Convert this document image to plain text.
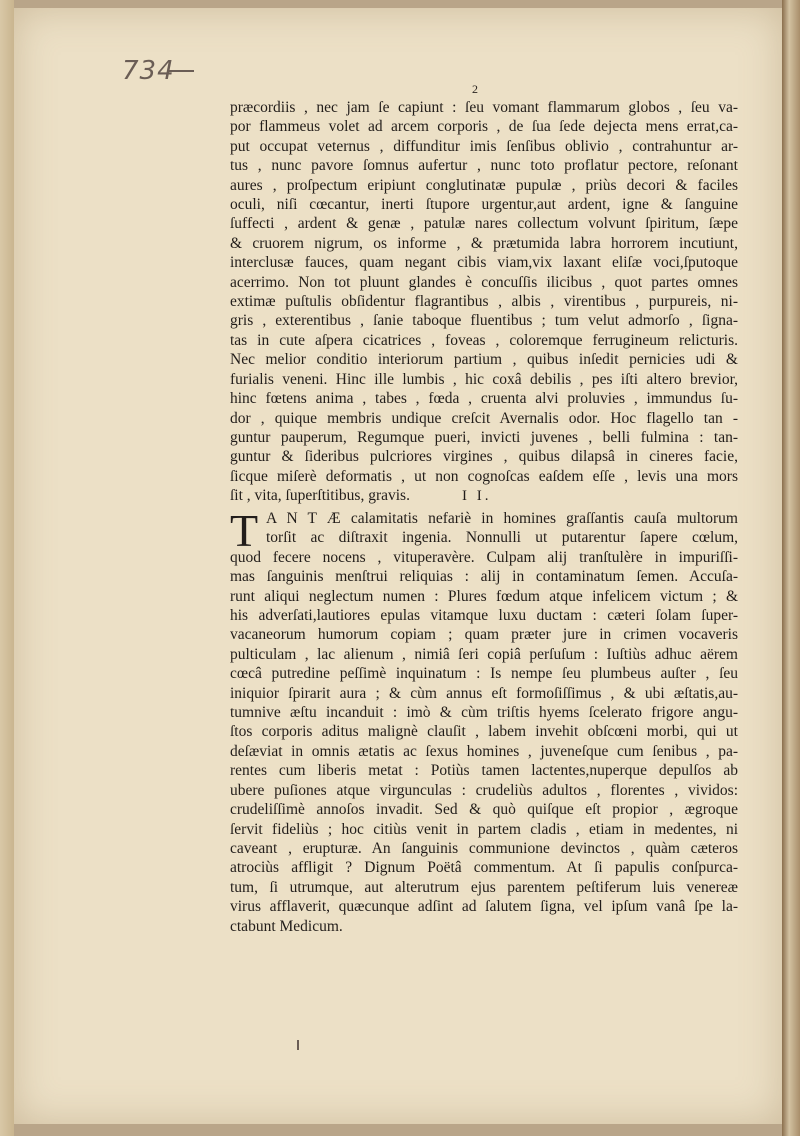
734
2
præcordiis , nec jam ſe capiunt : ſeu vomant flammarum globos , ſeu va-
por flammeus volet ad arcem corporis , de ſua ſede dejecta mens errat,ca-
put occupat veternus , diffunditur imis ſenſibus oblivio , contrahuntur ar-
tus , nunc pavore ſomnus aufertur , nunc toto proflatur pectore, reſonant
aures , proſpectum eripiunt conglutinatæ pupulæ , priùs decori & faciles
oculi, niſi cœcantur, inerti ſtupore urgentur,aut ardent, igne & ſanguine
ſuffecti , ardent & genæ , patulæ nares collectum volvunt ſpiritum, ſæpe
& cruorem nigrum, os informe , & prætumida labra horrorem incutiunt,
interclusæ fauces, quam negant cibis viam,vix laxant eliſæ voci,ſputoque
acerrimo. Non tot pluunt glandes è concuſſis ilicibus , quot partes omnes
extimæ puſtulis obſidentur flagrantibus , albis , virentibus , purpureis, ni-
gris , exterentibus , ſanie taboque fluentibus ; tum velut admorſo , ſigna-
tas in cute aſpera cicatrices , foveas , coloremque ferrugineum relicturis.
Nec melior conditio interiorum partium , quibus inſedit pernicies udi &
furialis veneni. Hinc ille lumbis , hic coxâ debilis , pes iſti altero brevior,
hinc fœtens anima , tabes , fœda , cruenta alvi proluvies , immundus ſu-
dor , quique membris undique creſcit Avernalis odor. Hoc flagello tan -
guntur pauperum, Regumque pueri, invicti juvenes , belli fulmina : tan-
guntur & ſideribus pulcriores virgines , quibus dilapsâ in cineres facie,
ſicque miſerè deformatis , ut non cognoſcas eaſdem eſſe , levis una mors
ſit , vita, ſuperſtitibus, gravis.	I I.
T A N T Æ calamitatis nefariè in homines graſſantis cauſa multorum
torſit ac diſtraxit ingenia. Nonnulli ut putarentur ſapere cœlum,
quod fecere nocens , vituperavère. Culpam alij tranſtulère in impuriſſi-
mas ſanguinis menſtrui reliquias : alij in contaminatum ſemen. Accuſa-
runt aliqui neglectum numen : Plures fœdum atque infelicem victum ; &
his adverſati,lautiores epulas vitamque luxu ductam : cæteri ſolam ſuper-
vacaneorum humorum copiam ; quam præter jure in crimen vocaveris
pulticulam , lac alienum , nimiâ ſeri copiâ perſuſum : Iuſtiùs adhuc aërem
cœcâ putredine peſſimè inquinatum : Is nempe ſeu plumbeus auſter , ſeu
iniquior ſpirarit aura ; & cùm annus eſt formoſiſſimus , & ubi æſtatis,au-
tumnive æſtu incanduit : imò & cùm triſtis hyems ſcelerato frigore angu-
ſtos corporis aditus malignè clauſit , labem invehit obſcœni morbi, qui ut
deſæviat in omnis ætatis ac ſexus homines , juveneſque cum ſenibus , pa-
rentes cum liberis metat : Potiùs tamen lactentes,nuperque depulſos ab
ubere puſiones atque virgunculas : crudeliùs adultos , florentes , vividos:
crudeliſſimè annoſos invadit. Sed & quò quiſque eſt propior , ægroque
ſervit fideliùs ; hoc citiùs venit in partem cladis , etiam in medentes, ni
caveant , erupturæ. An ſanguinis communione devinctos , quàm cæteros
atrociùs affligit ? Dignum Poëtâ commentum. At ſi papulis conſpurca-
tum, ſi utrumque, aut alterutrum ejus parentem peſtiferum luis venereæ
virus afflaverit, quæcunque adſint ad ſalutem ſigna, vel ipſum vanâ ſpe la-
ctabunt Medicum.
